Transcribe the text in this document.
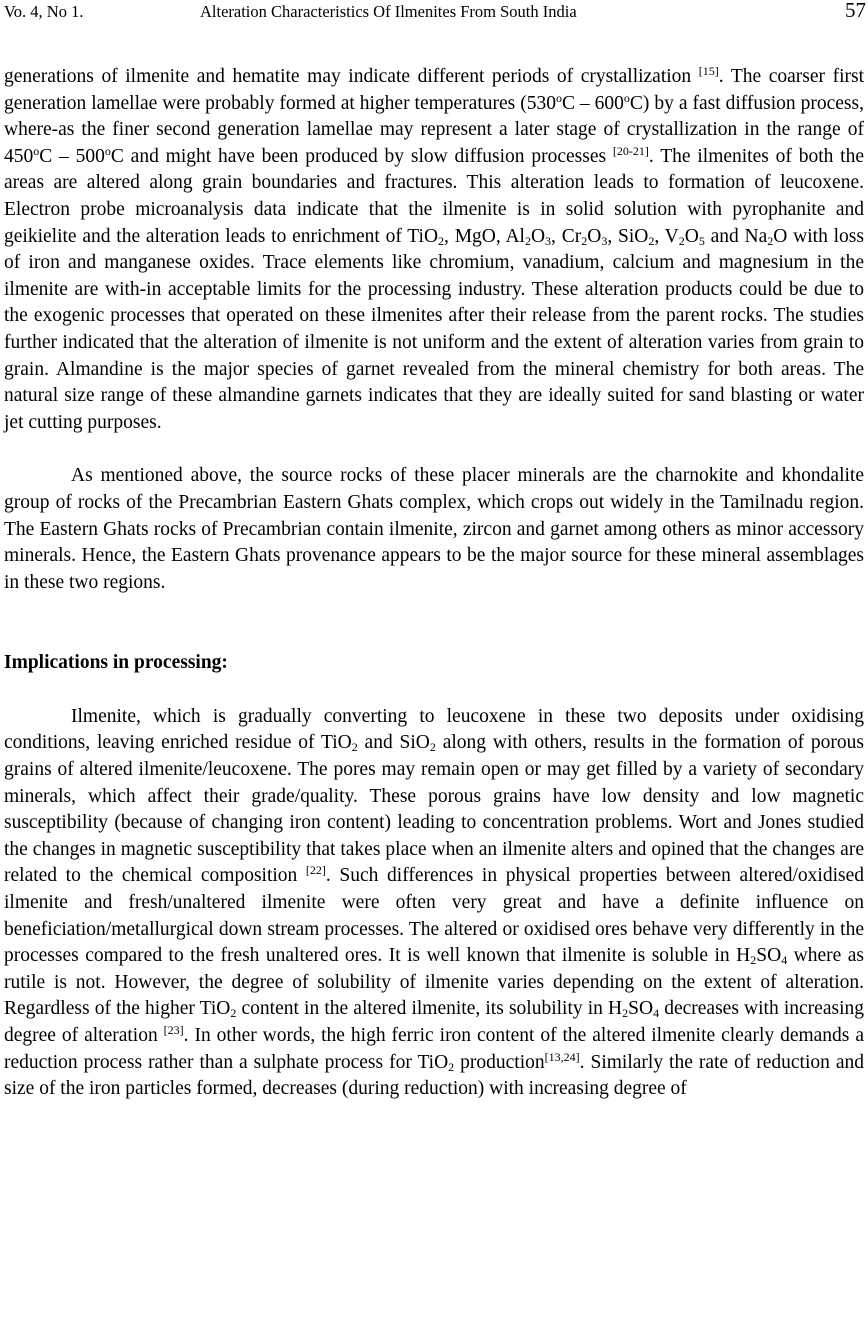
Vo. 4, No 1.	Alteration Characteristics Of Ilmenites From South India	57

generations of ilmenite and hematite may indicate different periods of crystallization [15]. The coarser first generation lamellae were probably formed at higher temperatures (530$^o$C – 600$^o$C) by a fast diffusion process, where-as the finer second generation lamellae may represent a later stage of crystallization in the range of 450$^o$C – 500$^o$C and might have been produced by slow diffusion processes [20-21]. The ilmenites of both the areas are altered along grain boundaries and fractures. This alteration leads to formation of leucoxene. Electron probe microanalysis data indicate that the ilmenite is in solid solution with pyrophanite and geikielite and the alteration leads to enrichment of TiO$_2$, MgO, $Al_2O_3$, $Cr_2O_3$, SiO$_2$, $V_2O_5$ and $Na_2O$ with loss of iron and manganese oxides. Trace elements like chromium, vanadium, calcium and magnesium in the ilmenite are with-in acceptable limits for the processing industry. These alteration products could be due to the exogenic processes that operated on these ilmenites after their release from the parent rocks. The studies further indicated that the alteration of ilmenite is not uniform and the extent of alteration varies from grain to grain. Almandine is the major species of garnet revealed from the mineral chemistry for both areas. The natural size range of these almandine garnets indicates that they are ideally suited for sand blasting or water jet cutting purposes.

As mentioned above, the source rocks of these placer minerals are the charnokite and khondalite group of rocks of the Precambrian Eastern Ghats complex, which crops out widely in the Tamilnadu region. The Eastern Ghats rocks of Precambrian contain ilmenite, zircon and garnet among others as minor accessory minerals. Hence, the Eastern Ghats provenance appears to be the major source for these mineral assemblages in these two regions.

Implications in processing:

Ilmenite, which is gradually converting to leucoxene in these two deposits under oxidising conditions, leaving enriched residue of TiO$_2$ and SiO$_2$ along with others, results in the formation of porous grains of altered ilmenite/leucoxene. The pores may remain open or may get filled by a variety of secondary minerals, which affect their grade/quality. These porous grains have low density and low magnetic susceptibility (because of changing iron content) leading to concentration problems. Wort and Jones studied the changes in magnetic susceptibility that takes place when an ilmenite alters and opined that the changes are related to the chemical composition [22]. Such differences in physical properties between altered/oxidised ilmenite and fresh/unaltered ilmenite were often very great and have a definite influence on beneficiation/metallurgical down stream processes. The altered or oxidised ores behave very differently in the processes compared to the fresh unaltered ores. It is well known that ilmenite is soluble in $H_2SO_4$ where as rutile is not. However, the degree of solubility of ilmenite varies depending on the extent of alteration. Regardless of the higher TiO$_2$ content in the altered ilmenite, its solubility in $H_2SO_4$ decreases with increasing degree of alteration [23]. In other words, the high ferric iron content of the altered ilmenite clearly demands a reduction process rather than a sulphate process for TiO$_2$ production[13,24]. Similarly the rate of reduction and size of the iron particles formed, decreases (during reduction) with increasing degree of
